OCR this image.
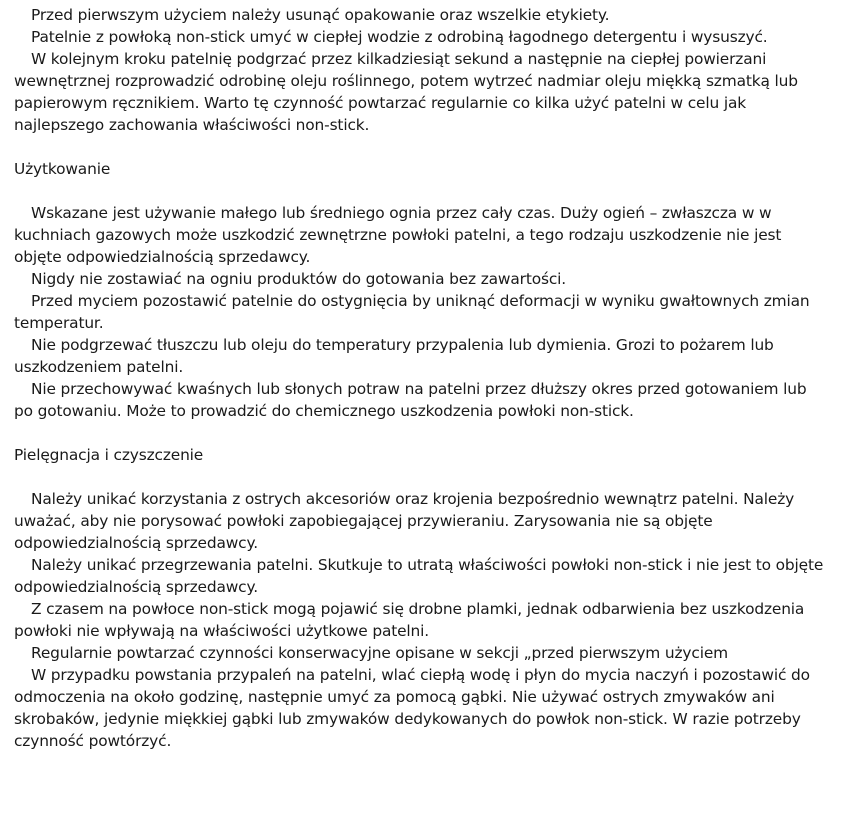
Przed pierwszym użyciem należy usunąć opakowanie oraz wszelkie etykiety.

Patelnie z powłoką non-stick umyć w ciepłej wodzie z odrobiną łagodnego detergentu i wysuszyć.

W kolejnym kroku patelnię podgrzać przez kilkadziesiąt sekund a następnie na ciepłej powierzani wewnętrznej rozprowadzić odrobinę oleju roślinnego, potem wytrzeć nadmiar oleju miękką szmatką lub papierowym ręcznikiem. Warto tę czynność powtarzać regularnie co kilka użyć patelni w celu jak najlepszego zachowania właściwości non-stick.

Użytkowanie

Wskazane jest używanie małego lub średniego ognia przez cały czas. Duży ogień – zwłaszcza w w kuchniach gazowych może uszkodzić zewnętrzne powłoki patelni, a tego rodzaju uszkodzenie nie jest objęte odpowiedzialnością sprzedawcy.

Nigdy nie zostawiać na ogniu produktów do gotowania bez zawartości.

Przed myciem pozostawić patelnie do ostygnięcia by uniknąć deformacji w wyniku gwałtownych zmian temperatur.

Nie podgrzewać tłuszczu lub oleju do temperatury przypalenia lub dymienia. Grozi to pożarem lub uszkodzeniem patelni.

Nie przechowywać kwaśnych lub słonych potraw na patelni przez dłuższy okres przed gotowaniem lub po gotowaniu. Może to prowadzić do chemicznego uszkodzenia powłoki non-stick.

Pielęgnacja i czyszczenie

Należy unikać korzystania z ostrych akcesoriów oraz krojenia bezpośrednio wewnątrz patelni. Należy uważać, aby nie porysować powłoki zapobiegającej przywieraniu. Zarysowania nie są objęte odpowiedzialnością sprzedawcy.

Należy unikać przegrzewania patelni. Skutkuje to utratą właściwości powłoki non-stick i nie jest to objęte odpowiedzialnością sprzedawcy.

Z czasem na powłoce non-stick mogą pojawić się drobne plamki, jednak odbarwienia bez uszkodzenia powłoki nie wpływają na właściwości użytkowe patelni.

Regularnie powtarzać czynności konserwacyjne opisane w sekcji „przed pierwszym użyciem

W przypadku powstania przypaleń na patelni, wlać ciepłą wodę i płyn do mycia naczyń i pozostawić do odmoczenia na około godzinę, następnie umyć za pomocą gąbki. Nie używać ostrych zmywaków ani skrobaków, jedynie miękkiej gąbki lub zmywaków dedykowanych do powłok non-stick. W razie potrzeby czynność powtórzyć.
